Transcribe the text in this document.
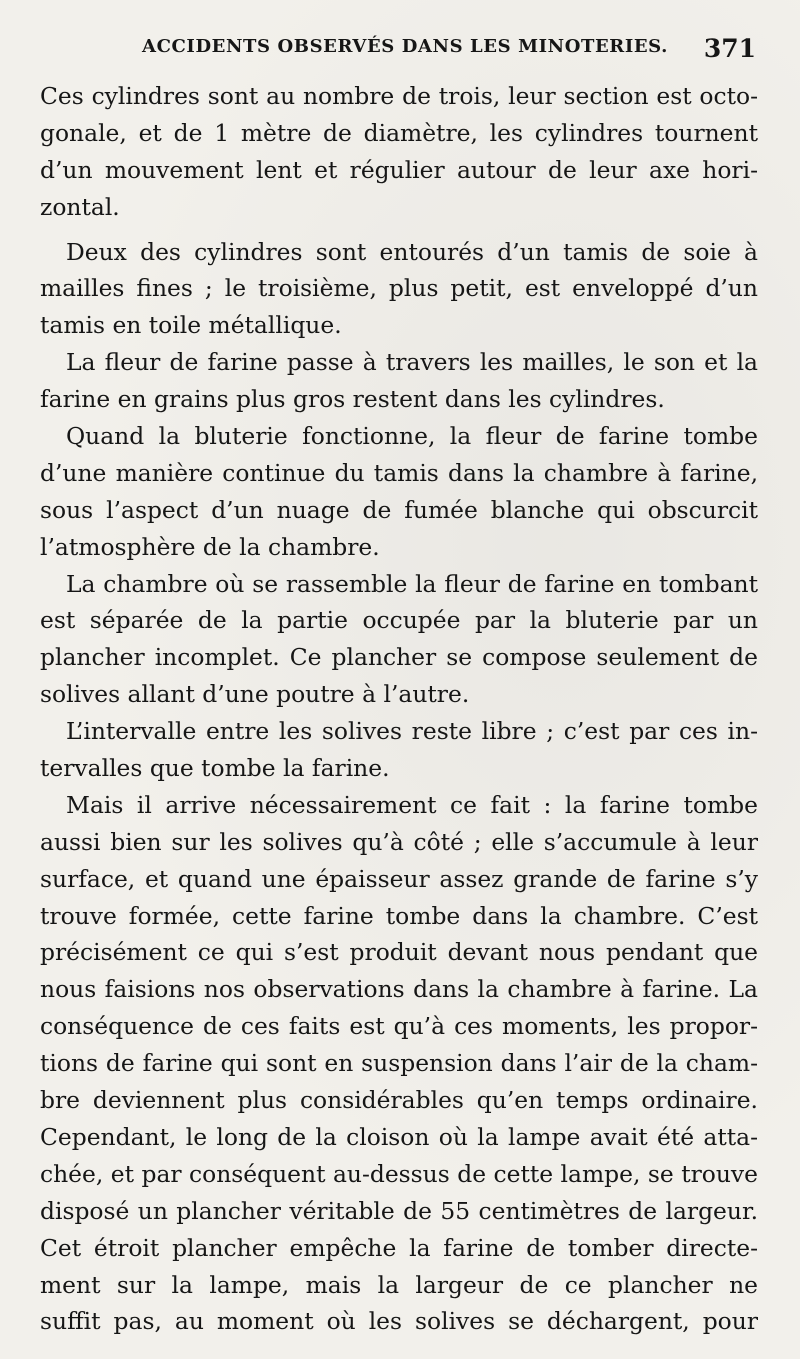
ACCIDENTS OBSERVÉS DANS LES MINOTERIES. 371
Ces cylindres sont au nombre de trois, leur section est octo-
gonale, et de 1 mètre de diamètre, les cylindres tournent
d’un mouvement lent et régulier autour de leur axe hori-
zontal.
Deux des cylindres sont entourés d’un tamis de soie à
mailles fines ; le troisième, plus petit, est enveloppé d’un
tamis en toile métallique.
La fleur de farine passe à travers les mailles, le son et la
farine en grains plus gros restent dans les cylindres.
Quand la bluterie fonctionne, la fleur de farine tombe
d’une manière continue du tamis dans la chambre à farine,
sous l’aspect d’un nuage de fumée blanche qui obscurcit
l’atmosphère de la chambre.
La chambre où se rassemble la fleur de farine en tombant
est séparée de la partie occupée par la bluterie par un
plancher incomplet. Ce plancher se compose seulement de
solives allant d’une poutre à l’autre.
L’intervalle entre les solives reste libre ; c’est par ces in-
tervalles que tombe la farine.
Mais il arrive nécessairement ce fait : la farine tombe
aussi bien sur les solives qu’à côté ; elle s’accumule à leur
surface, et quand une épaisseur assez grande de farine s’y
trouve formée, cette farine tombe dans la chambre. C’est
précisément ce qui s’est produit devant nous pendant que
nous faisions nos observations dans la chambre à farine. La
conséquence de ces faits est qu’à ces moments, les propor-
tions de farine qui sont en suspension dans l’air de la cham-
bre deviennent plus considérables qu’en temps ordinaire.
Cependant, le long de la cloison où la lampe avait été atta-
chée, et par conséquent au-dessus de cette lampe, se trouve
disposé un plancher véritable de 55 centimètres de largeur.
Cet étroit plancher empêche la farine de tomber directe-
ment sur la lampe, mais la largeur de ce plancher ne
suffit pas, au moment où les solives se déchargent, pour
